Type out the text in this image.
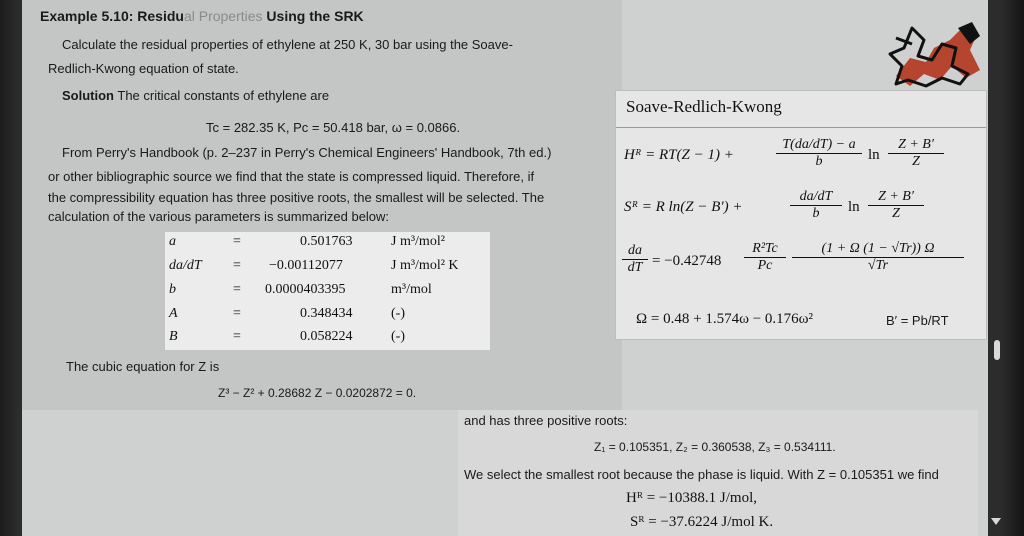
Example 5.10: Residual Properties Using the SRK
Calculate the residual properties of ethylene at 250 K, 30 bar using the Soave-
Redlich-Kwong equation of state.
Solution The critical constants of ethylene are
Tc = 282.35 K, Pc = 50.418 bar, ω = 0.0866.
From Perry's Handbook (p. 2–237 in Perry's Chemical Engineers' Handbook, 7th ed.)
or other bibliographic source we find that the state is compressed liquid. Therefore, if
the compressibility equation has three positive roots, the smallest will be selected. The
calculation of the various parameters is summarized below:
a	=	0.501763	J m³/mol²
da/dT = −0.00112077	J m³/mol² K
b	= 0.0000403395	m³/mol
A	=	0.348434	(-)
B	=	0.058224	(-)
The cubic equation for Z is
Z³ − Z² + 0.28682 Z − 0.0202872 = 0.
Soave-Redlich-Kwong
Hᴿ = RT(Z − 1) +	$\frac{T(da/dT) - a}{b}$ $\ln \frac{Z + B'}{Z}$
Sᴿ = R ln(Z − B′) +	$\frac{da/dT}{b}$ $\ln \frac{Z + B'}{Z}$
$\frac{da}{dT} = -0.42748 \frac{\text{R²Tc}}{Pc} \frac{(1 + \Omega (1 - √Tr)) \Omega}{√Tr}$
Ω = 0.48 + 1.574ω − 0.176ω²	B′ = Pb/RT
and has three positive roots:
Z₁ = 0.105351, Z₂ = 0.360538, Z₃ = 0.534111.
We select the smallest root because the phase is liquid. With Z = 0.105351 we find
Hᴿ = −10388.1 J/mol,
Sᴿ = −37.6224 J/mol K.
